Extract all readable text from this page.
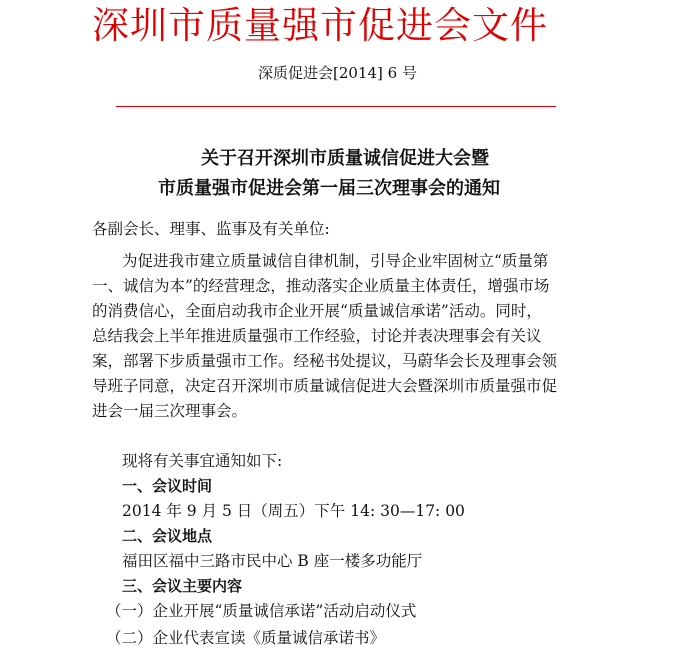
深圳市质量强市促进会文件
深质促进会[2014] 6 号
关于召开深圳市质量诚信促进大会暨
市质量强市促进会第一届三次理事会的通知
各副会长、理事、监事及有关单位:
为促进我市建立质量诚信自律机制，引导企业牢固树立“质量第
一、诚信为本”的经营理念，推动落实企业质量主体责任，增强市场
的消费信心，全面启动我市企业开展“质量诚信承诺”活动。同时，
总结我会上半年推进质量强市工作经验，讨论并表决理事会有关议
案，部署下步质量强市工作。经秘书处提议，马蔚华会长及理事会领
导班子同意，决定召开深圳市质量诚信促进大会暨深圳市质量强市促
进会一届三次理事会。
现将有关事宜通知如下:
一、会议时间
2014 年 9 月 5 日（周五）下午 14: 30—17: 00
二、会议地点
福田区福中三路市民中心 B 座一楼多功能厅
三、会议主要内容
（一）企业开展“质量诚信承诺”活动启动仪式
（二）企业代表宣读《质量诚信承诺书》
